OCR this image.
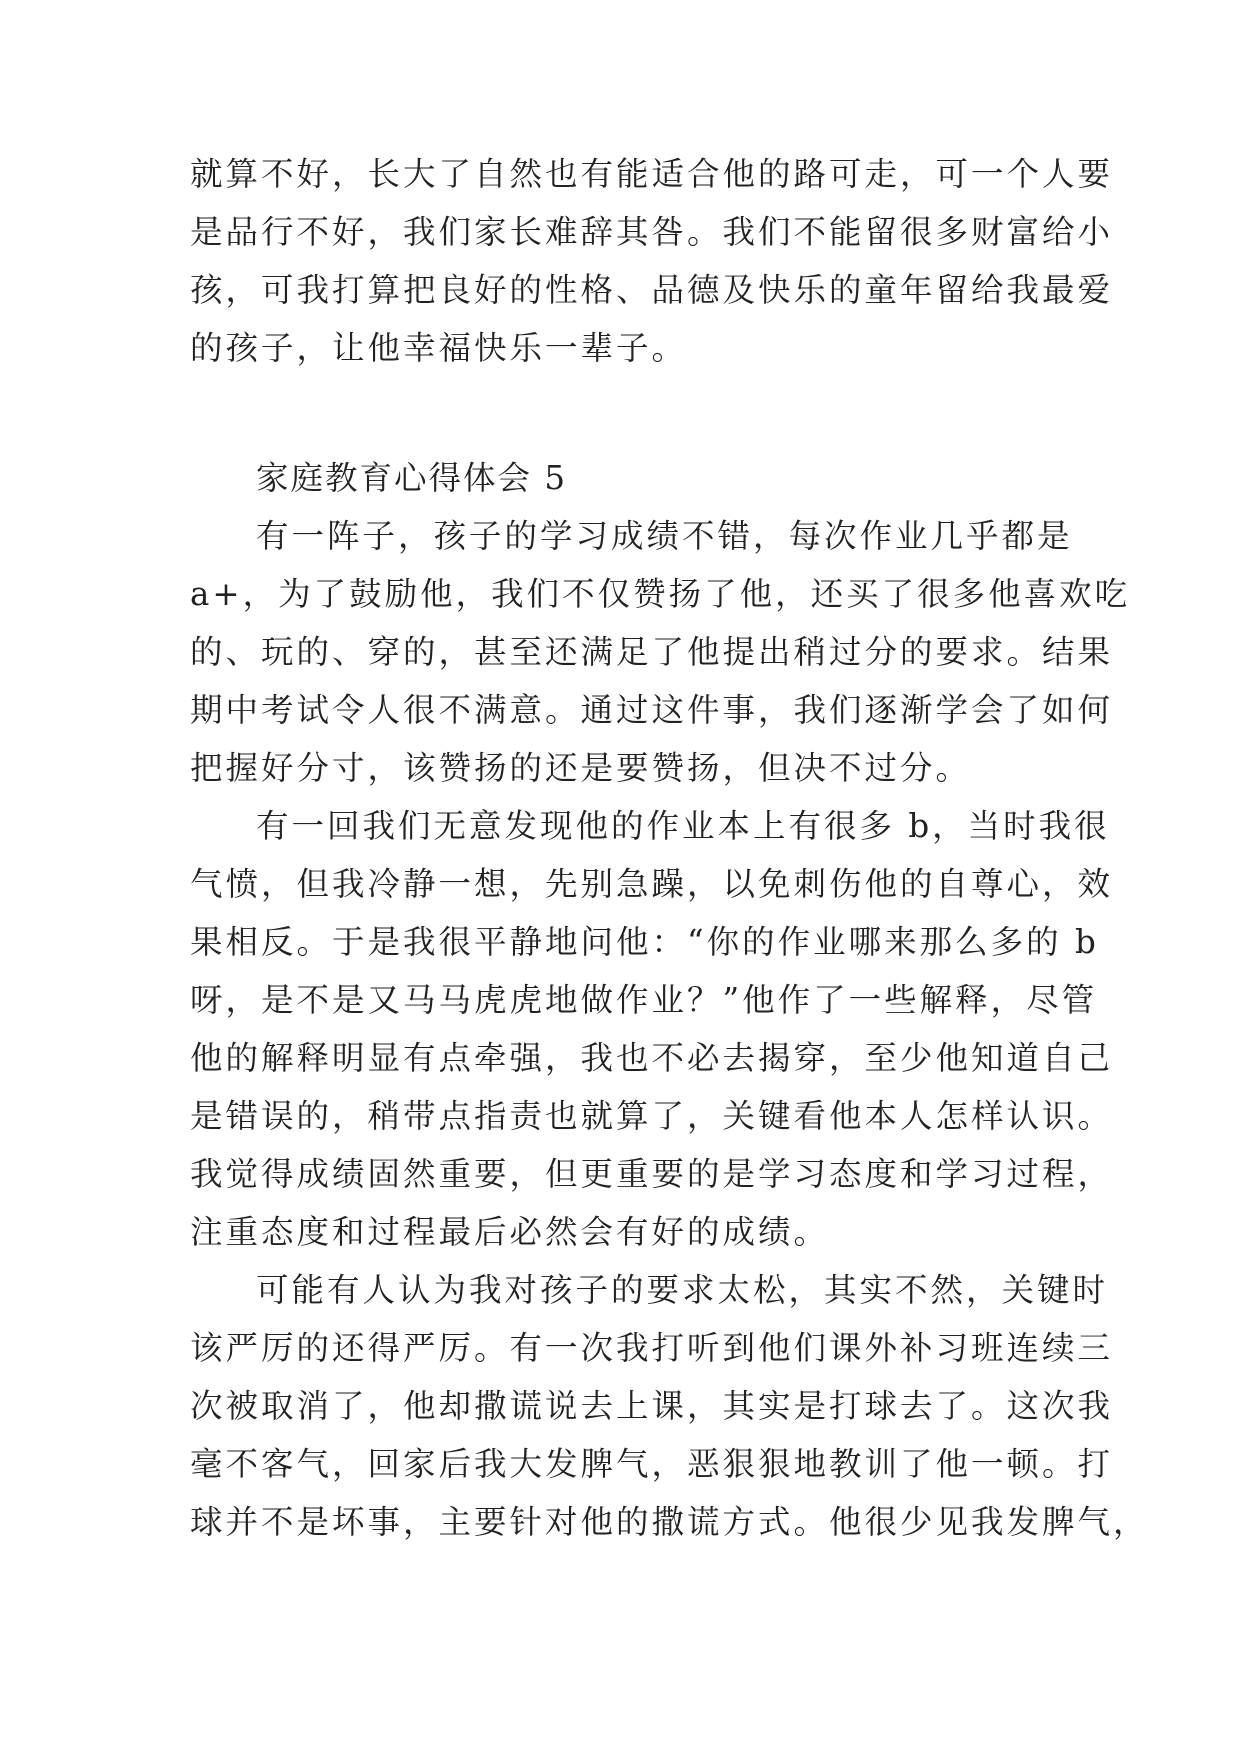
就算不好，长大了自然也有能适合他的路可走，可一个人要
是品行不好，我们家长难辞其咎。我们不能留很多财富给小
孩，可我打算把良好的性格、品德及快乐的童年留给我最爱
的孩子，让他幸福快乐一辈子。
家庭教育心得体会 5
有一阵子，孩子的学习成绩不错，每次作业几乎都是
a+，为了鼓励他，我们不仅赞扬了他，还买了很多他喜欢吃
的、玩的、穿的，甚至还满足了他提出稍过分的要求。结果
期中考试令人很不满意。通过这件事，我们逐渐学会了如何
把握好分寸，该赞扬的还是要赞扬，但决不过分。
有一回我们无意发现他的作业本上有很多 b，当时我很
气愤，但我冷静一想，先别急躁，以免刺伤他的自尊心，效
果相反。于是我很平静地问他：“你的作业哪来那么多的 b
呀，是不是又马马虎虎地做作业？”他作了一些解释，尽管
他的解释明显有点牵强，我也不必去揭穿，至少他知道自己
是错误的，稍带点指责也就算了，关键看他本人怎样认识。
我觉得成绩固然重要，但更重要的是学习态度和学习过程，
注重态度和过程最后必然会有好的成绩。
可能有人认为我对孩子的要求太松，其实不然，关键时
该严厉的还得严厉。有一次我打听到他们课外补习班连续三
次被取消了，他却撒谎说去上课，其实是打球去了。这次我
毫不客气，回家后我大发脾气，恶狠狠地教训了他一顿。打
球并不是坏事，主要针对他的撒谎方式。他很少见我发脾气，
